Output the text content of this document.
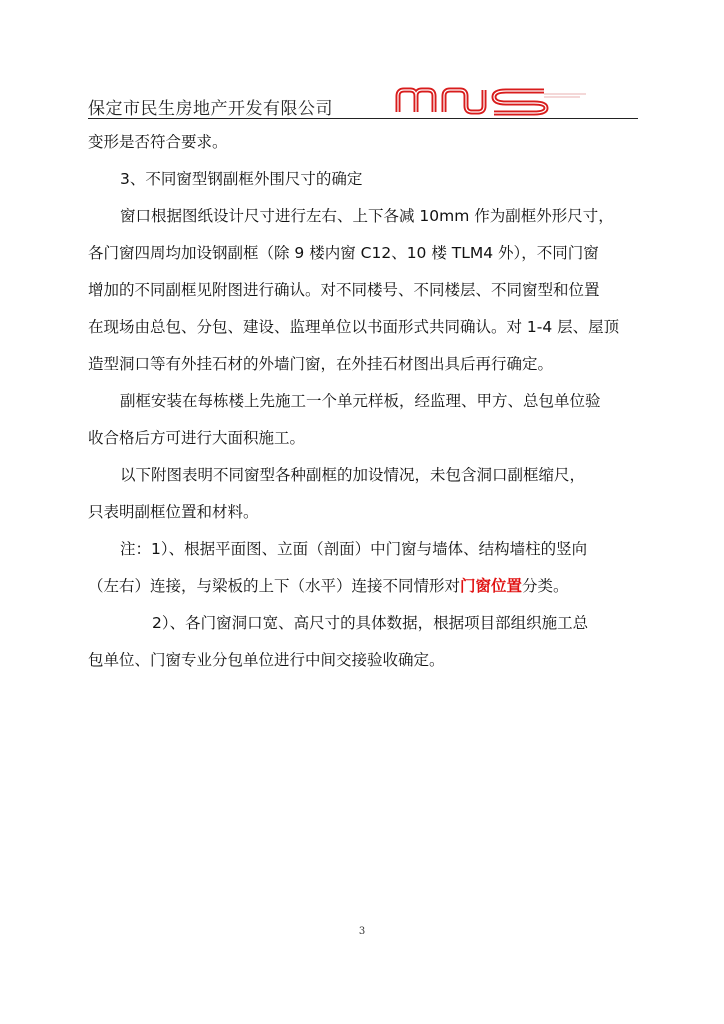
保定市民生房地产开发有限公司
变形是否符合要求。
3、不同窗型钢副框外围尺寸的确定
窗口根据图纸设计尺寸进行左右、上下各减 10mm 作为副框外形尺寸，
各门窗四周均加设钢副框（除 9 楼内窗 C12、10 楼 TLM4 外），不同门窗
增加的不同副框见附图进行确认。对不同楼号、不同楼层、不同窗型和位置
在现场由总包、分包、建设、监理单位以书面形式共同确认。对 1-4 层、屋顶
造型洞口等有外挂石材的外墙门窗，在外挂石材图出具后再行确定。
副框安装在每栋楼上先施工一个单元样板，经监理、甲方、总包单位验
收合格后方可进行大面积施工。
以下附图表明不同窗型各种副框的加设情况，未包含洞口副框缩尺，
只表明副框位置和材料。
注：1）、根据平面图、立面（剖面）中门窗与墙体、结构墙柱的竖向
（左右）连接，与梁板的上下（水平）连接不同情形对门窗位置分类。
2）、各门窗洞口宽、高尺寸的具体数据，根据项目部组织施工总
包单位、门窗专业分包单位进行中间交接验收确定。
3
